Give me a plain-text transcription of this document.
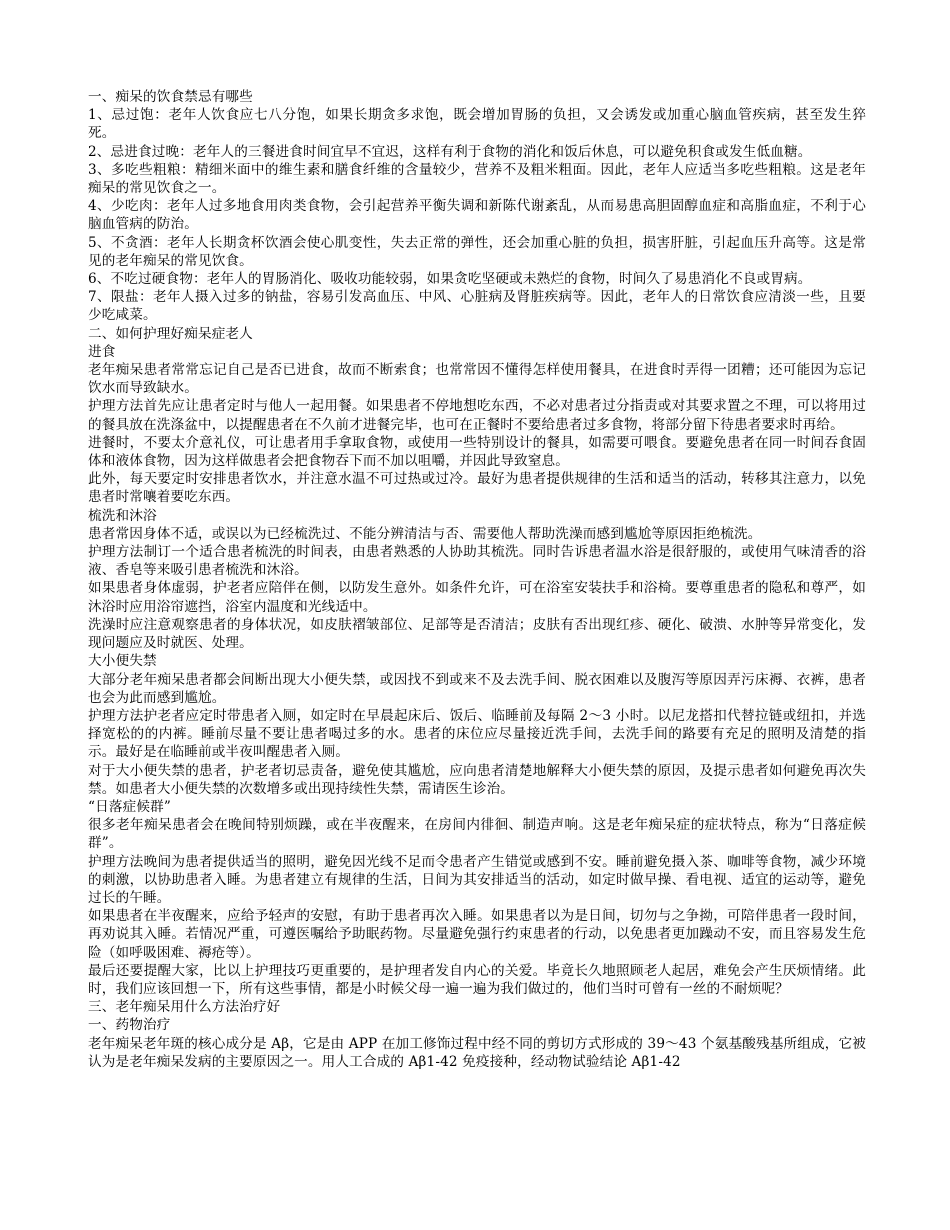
一、痴呆的饮食禁忌有哪些

1、忌过饱：老年人饮食应七八分饱，如果长期贪多求饱，既会增加胃肠的负担，又会诱发或加重心脑血管疾病，甚至发生猝死。

2、忌进食过晚：老年人的三餐进食时间宜早不宜迟，这样有利于食物的消化和饭后休息，可以避免积食或发生低血糖。

3、多吃些粗粮：精细米面中的维生素和膳食纤维的含量较少，营养不及粗米粗面。因此，老年人应适当多吃些粗粮。这是老年痴呆的常见饮食之一。

4、少吃肉：老年人过多地食用肉类食物，会引起营养平衡失调和新陈代谢紊乱，从而易患高胆固醇血症和高脂血症，不利于心脑血管病的防治。

5、不贪酒：老年人长期贪杯饮酒会使心肌变性，失去正常的弹性，还会加重心脏的负担，损害肝脏，引起血压升高等。这是常见的老年痴呆的常见饮食。

6、不吃过硬食物：老年人的胃肠消化、吸收功能较弱，如果贪吃坚硬或未熟烂的食物，时间久了易患消化不良或胃病。

7、限盐：老年人摄入过多的钠盐，容易引发高血压、中风、心脏病及肾脏疾病等。因此，老年人的日常饮食应清淡一些，且要少吃咸菜。

二、如何护理好痴呆症老人

进食

老年痴呆患者常常忘记自己是否已进食，故而不断索食；也常常因不懂得怎样使用餐具，在进食时弄得一团糟；还可能因为忘记饮水而导致缺水。

护理方法首先应让患者定时与他人一起用餐。如果患者不停地想吃东西，不必对患者过分指责或对其要求置之不理，可以将用过的餐具放在洗涤盆中，以提醒患者在不久前才进餐完毕，也可在正餐时不要给患者过多食物，将部分留下待患者要求时再给。

进餐时，不要太介意礼仪，可让患者用手拿取食物，或使用一些特别设计的餐具，如需要可喂食。要避免患者在同一时间吞食固体和液体食物，因为这样做患者会把食物吞下而不加以咀嚼，并因此导致窒息。

此外，每天要定时安排患者饮水，并注意水温不可过热或过冷。最好为患者提供规律的生活和适当的活动，转移其注意力，以免患者时常嚷着要吃东西。

梳洗和沐浴

患者常因身体不适，或误以为已经梳洗过、不能分辨清洁与否、需要他人帮助洗澡而感到尴尬等原因拒绝梳洗。

护理方法制订一个适合患者梳洗的时间表，由患者熟悉的人协助其梳洗。同时告诉患者温水浴是很舒服的，或使用气味清香的浴液、香皂等来吸引患者梳洗和沐浴。

如果患者身体虚弱，护老者应陪伴在侧，以防发生意外。如条件允许，可在浴室安装扶手和浴椅。要尊重患者的隐私和尊严，如沐浴时应用浴帘遮挡，浴室内温度和光线适中。

洗澡时应注意观察患者的身体状况，如皮肤褶皱部位、足部等是否清洁；皮肤有否出现红疹、硬化、破溃、水肿等异常变化，发现问题应及时就医、处理。

大小便失禁

大部分老年痴呆患者都会间断出现大小便失禁，或因找不到或来不及去洗手间、脱衣困难以及腹泻等原因弄污床褥、衣裤，患者也会为此而感到尴尬。

护理方法护老者应定时带患者入厕，如定时在早晨起床后、饭后、临睡前及每隔 2～3 小时。以尼龙搭扣代替拉链或纽扣，并选择宽松的的内裤。睡前尽量不要让患者喝过多的水。患者的床位应尽量接近洗手间，去洗手间的路要有充足的照明及清楚的指示。最好是在临睡前或半夜叫醒患者入厕。

对于大小便失禁的患者，护老者切忌责备，避免使其尴尬，应向患者清楚地解释大小便失禁的原因，及提示患者如何避免再次失禁。如患者大小便失禁的次数增多或出现持续性失禁，需请医生诊治。

“日落症候群”

很多老年痴呆患者会在晚间特别烦躁，或在半夜醒来，在房间内徘徊、制造声响。这是老年痴呆症的症状特点，称为“日落症候群”。

护理方法晚间为患者提供适当的照明，避免因光线不足而令患者产生错觉或感到不安。睡前避免摄入茶、咖啡等食物，减少环境的刺激，以协助患者入睡。为患者建立有规律的生活，日间为其安排适当的活动，如定时做早操、看电视、适宜的运动等，避免过长的午睡。

如果患者在半夜醒来，应给予轻声的安慰，有助于患者再次入睡。如果患者以为是日间，切勿与之争拗，可陪伴患者一段时间，再劝说其入睡。若情况严重，可遵医嘱给予助眠药物。尽量避免强行约束患者的行动，以免患者更加躁动不安，而且容易发生危险（如呼吸困难、褥疮等）。

最后还要提醒大家，比以上护理技巧更重要的，是护理者发自内心的关爱。毕竟长久地照顾老人起居，难免会产生厌烦情绪。此时，我们应该回想一下，所有这些事情，都是小时候父母一遍一遍为我们做过的，他们当时可曾有一丝的不耐烦呢？

三、老年痴呆用什么方法治疗好

一、药物治疗

老年痴呆老年斑的核心成分是 Aβ，它是由 APP 在加工修饰过程中经不同的剪切方式形成的 39～43 个氨基酸残基所组成，它被认为是老年痴呆发病的主要原因之一。用人工合成的 Aβ1-42 免疫接种，经动物试验结论 Aβ1-42
